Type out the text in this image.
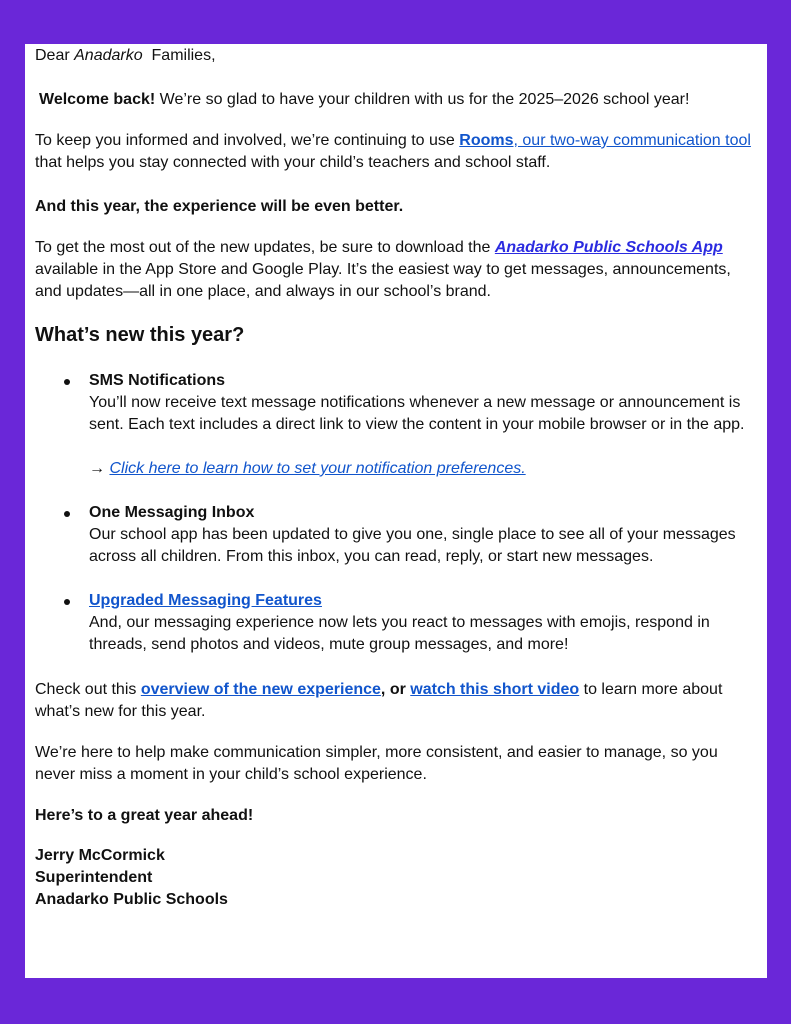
Dear Anadarko  Families,

Welcome back! We’re so glad to have your children with us for the 2025–2026 school year!

To keep you informed and involved, we’re continuing to use Rooms, our two-way communication tool that helps you stay connected with your child’s teachers and school staff.

And this year, the experience will be even better.

To get the most out of the new updates, be sure to download the Anadarko Public Schools App available in the App Store and Google Play. It’s the easiest way to get messages, announcements, and updates—all in one place, and always in our school’s brand.

What’s new this year?
SMS Notifications
You’ll now receive text message notifications whenever a new message or announcement is sent. Each text includes a direct link to view the content in your mobile browser or in the app.
→ Click here to learn how to set your notification preferences.
One Messaging Inbox
Our school app has been updated to give you one, single place to see all of your messages across all children. From this inbox, you can read, reply, or start new messages.
Upgraded Messaging Features
And, our messaging experience now lets you react to messages with emojis, respond in threads, send photos and videos, mute group messages, and more!

Check out this overview of the new experience, or watch this short video to learn more about what’s new for this year.

We’re here to help make communication simpler, more consistent, and easier to manage, so you never miss a moment in your child’s school experience.

Here’s to a great year ahead!

Jerry McCormick

Superintendent

Anadarko Public Schools
